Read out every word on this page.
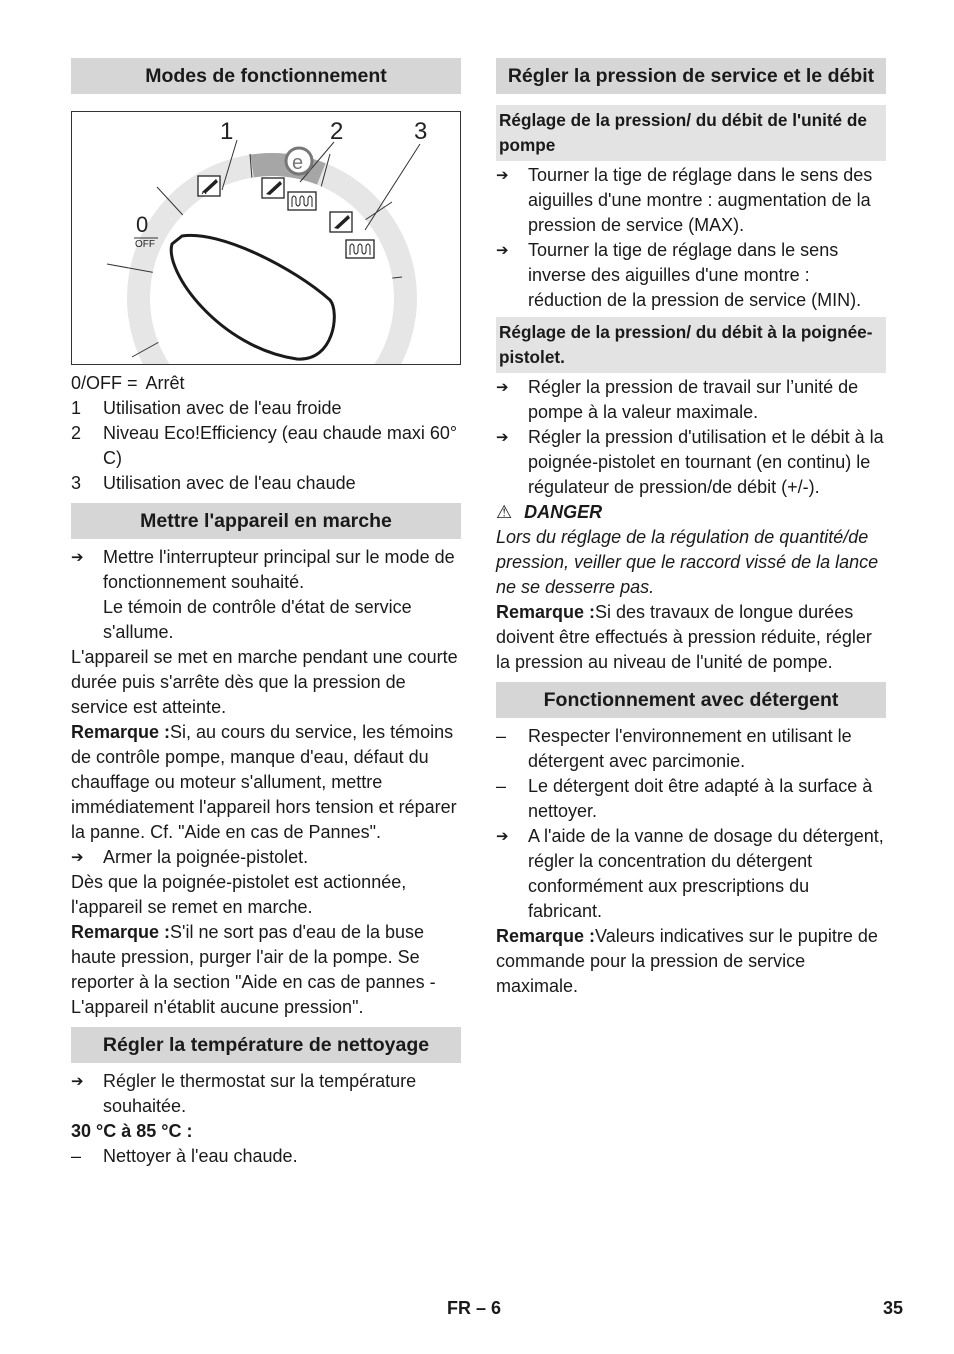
Modes de fonctionnement
1	2	3
0
OFF
e
0/OFF = Arrêt
1	Utilisation avec de l'eau froide
2	Niveau Eco!Efficiency (eau chaude maxi 60° C)
3	Utilisation avec de l'eau chaude
Mettre l'appareil en marche
➔	Mettre l'interrupteur principal sur le mode de fonctionnement souhaité.
Le témoin de contrôle d'état de service s'allume.
L'appareil se met en marche pendant une courte durée puis s'arrête dès que la pression de service est atteinte.
Remarque :Si, au cours du service, les témoins de contrôle pompe, manque d'eau, défaut du chauffage ou moteur s'allument, mettre immédiatement l'appareil hors tension et réparer la panne. Cf. "Aide en cas de Pannes".
➔	Armer la poignée-pistolet.
Dès que la poignée-pistolet est actionnée, l'appareil se remet en marche.
Remarque :S'il ne sort pas d'eau de la buse haute pression, purger l'air de la pompe. Se reporter à la section "Aide en cas de pannes - L'appareil n'établit aucune pression".
Régler la température de nettoyage
➔	Régler le thermostat sur la température souhaitée.
30 °C à 85 °C :
–	Nettoyer à l'eau chaude.
Régler la pression de service et le débit
Réglage de la pression/ du débit de l'unité de pompe
➔	Tourner la tige de réglage dans le sens des aiguilles d'une montre : augmentation de la pression de service (MAX).
➔	Tourner la tige de réglage dans le sens inverse des aiguilles d'une montre : réduction de la pression de service (MIN).
Réglage de la pression/ du débit à la poignée-pistolet.
➔	Régler la pression de travail sur l’unité de pompe à la valeur maximale.
➔	Régler la pression d'utilisation et le débit à la poignée-pistolet en tournant (en continu) le régulateur de pression/de débit (+/-).
⚠ DANGER
Lors du réglage de la régulation de quantité/de pression, veiller que le raccord vissé de la lance ne se desserre pas.
Remarque :Si des travaux de longue durées doivent être effectués à pression réduite, régler la pression au niveau de l'unité de pompe.
Fonctionnement avec détergent
–	Respecter l'environnement en utilisant le détergent avec parcimonie.
–	Le détergent doit être adapté à la surface à nettoyer.
➔	A l'aide de la vanne de dosage du détergent, régler la concentration du détergent conformément aux prescriptions du fabricant.
Remarque :Valeurs indicatives sur le pupitre de commande pour la pression de service maximale.
FR – 6	35
